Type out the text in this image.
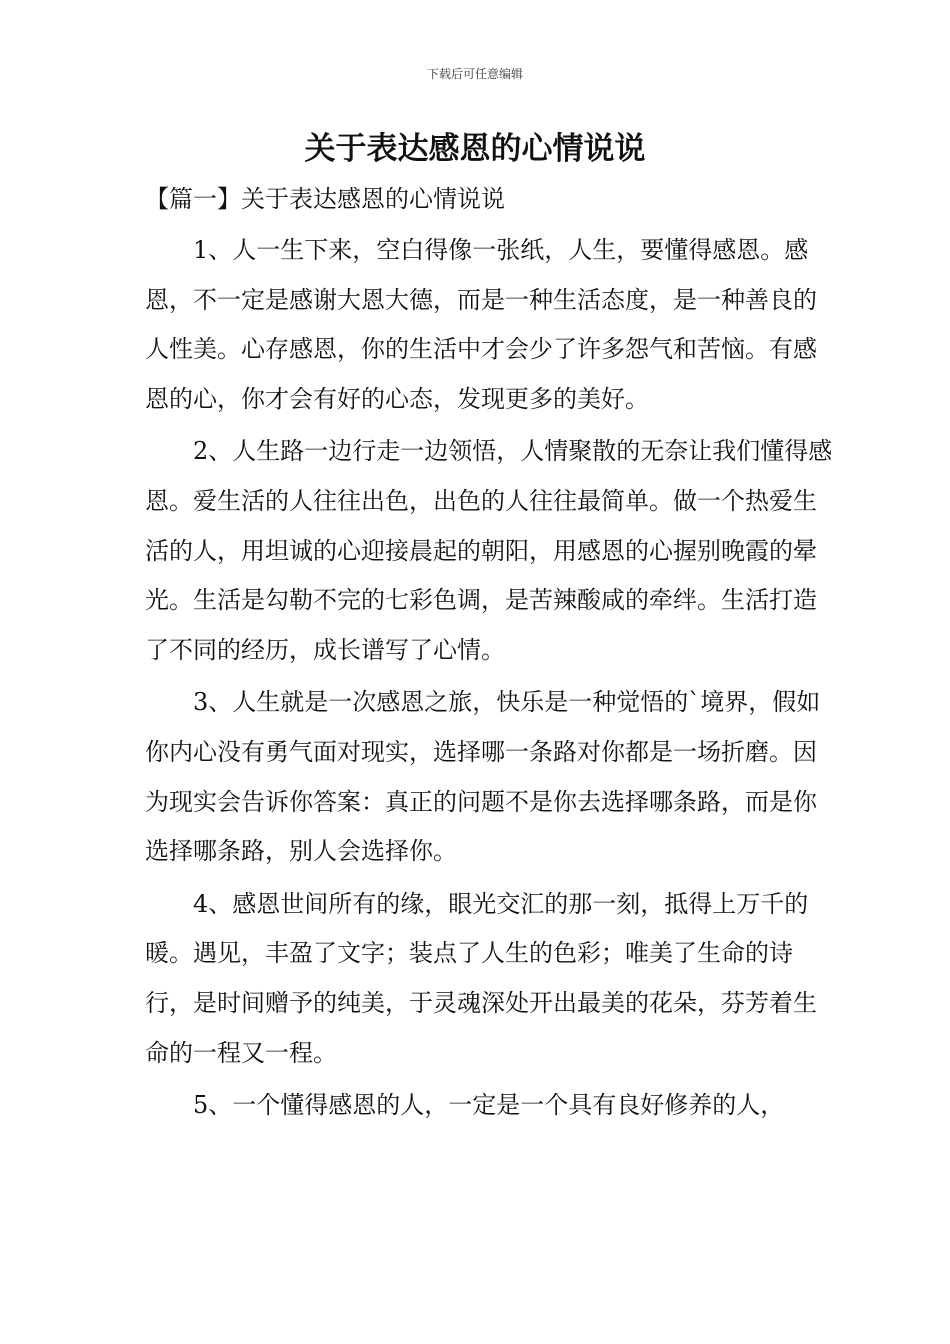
下载后可任意编辑
关于表达感恩的心情说说
【篇一】关于表达感恩的心情说说

1、人一生下来，空白得像一张纸，人生，要懂得感恩。感恩，不一定是感谢大恩大德，而是一种生活态度，是一种善良的人性美。心存感恩，你的生活中才会少了许多怨气和苦恼。有感恩的心，你才会有好的心态，发现更多的美好。

2、人生路一边行走一边领悟，人情聚散的无奈让我们懂得感恩。爱生活的人往往出色，出色的人往往最简单。做一个热爱生活的人，用坦诚的心迎接晨起的朝阳，用感恩的心握别晚霞的晕光。生活是勾勒不完的七彩色调，是苦辣酸咸的牵绊。生活打造了不同的经历，成长谱写了心情。

3、人生就是一次感恩之旅，快乐是一种觉悟的`境界，假如你内心没有勇气面对现实，选择哪一条路对你都是一场折磨。因为现实会告诉你答案：真正的问题不是你去选择哪条路，而是你选择哪条路，别人会选择你。

4、感恩世间所有的缘，眼光交汇的那一刻，抵得上万千的暖。遇见，丰盈了文字；装点了人生的色彩；唯美了生命的诗行，是时间赠予的纯美，于灵魂深处开出最美的花朵，芬芳着生命的一程又一程。

5、一个懂得感恩的人，一定是一个具有良好修养的人，
